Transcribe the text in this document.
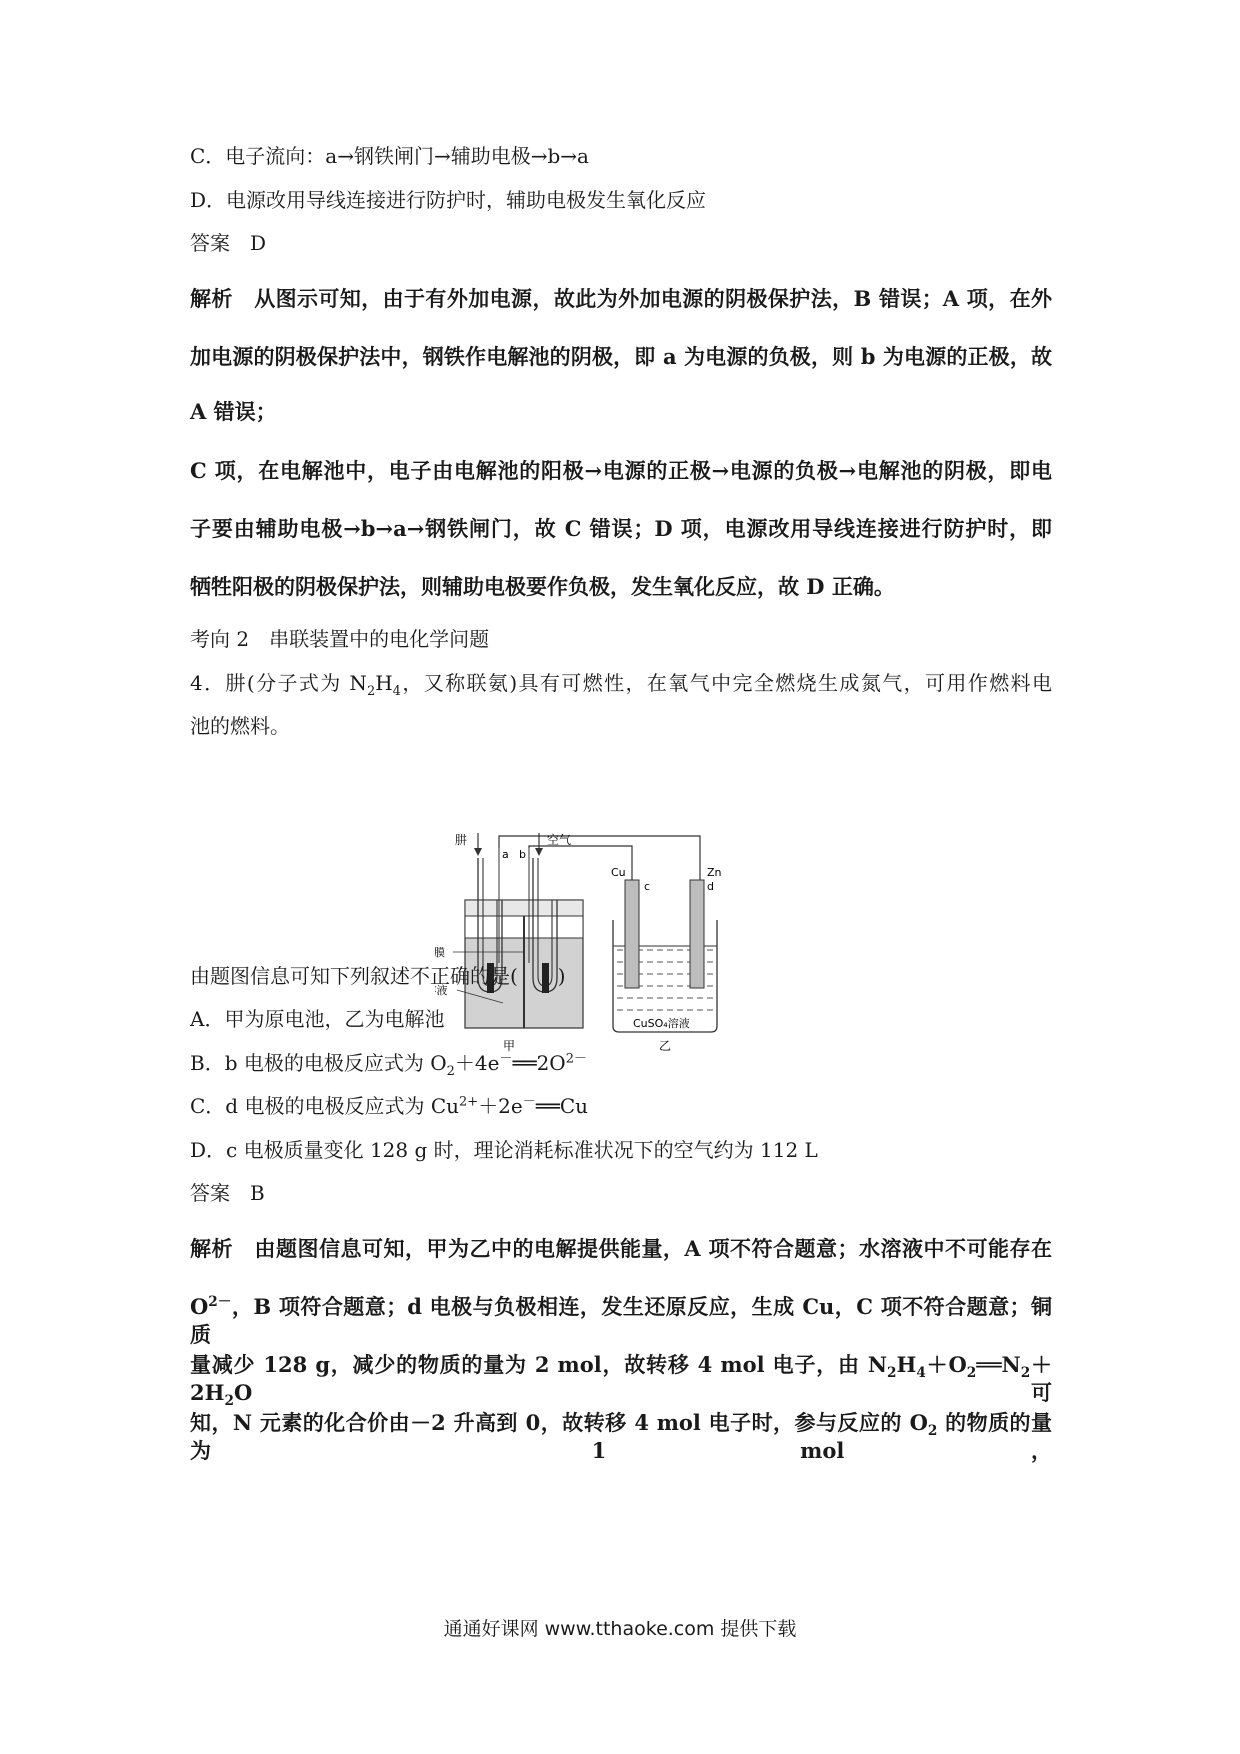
C．电子流向：a→钢铁闸门→辅助电极→b→a
D．电源改用导线连接进行防护时，辅助电极发生氧化反应
答案　D
解析　从图示可知，由于有外加电源，故此为外加电源的阴极保护法，B 错误；A 项，在外
加电源的阴极保护法中，钢铁作电解池的阴极，即 a 为电源的负极，则 b 为电源的正极，故
A 错误；
C 项，在电解池中，电子由电解池的阳极→电源的正极→电源的负极→电解池的阴极，即电
子要由辅助电极→b→a→钢铁闸门，故 C 错误；D 项，电源改用导线连接进行防护时，即
牺牲阳极的阴极保护法，则辅助电极要作负极，发生氧化反应，故 D 正确。
考向 2　串联装置中的电化学问题
4．肼(分子式为 $N_2H_4$，又称联氨)具有可燃性，在氧气中完全燃烧生成氮气，可用作燃料电
池的燃料。
肼	空气
a b
膜
液
甲
Cu	Zn
c	d
CuSO₄溶液
乙
由题图信息可知下列叙述不正确的是(　　)
A．甲为原电池，乙为电解池
B．b 电极的电极反应式为 $O_2+4e^-══2O^{2-}$
C．d 电极的电极反应式为 $Cu^{2+}+2e^-══Cu$
D．c 电极质量变化 128 g 时，理论消耗标准状况下的空气约为 112 L
答案　B
解析　由题图信息可知，甲为乙中的电解提供能量，A 项不符合题意；水溶液中不可能存在
$O^{2-}$，B 项符合题意；d 电极与负极相连，发生还原反应，生成 Cu，C 项不符合题意；铜质
量减少 128 g，减少的物质的量为 2 mol，故转移 4 mol 电子，由 $N_2H_4+O_2══N_2+2H_2O$ 可
知，N 元素的化合价由－2 升高到 0，故转移 4 mol 电子时，参与反应的 $O_2$ 的物质的量为 1 mol，
通通好课网 www.tthaoke.com 提供下载
